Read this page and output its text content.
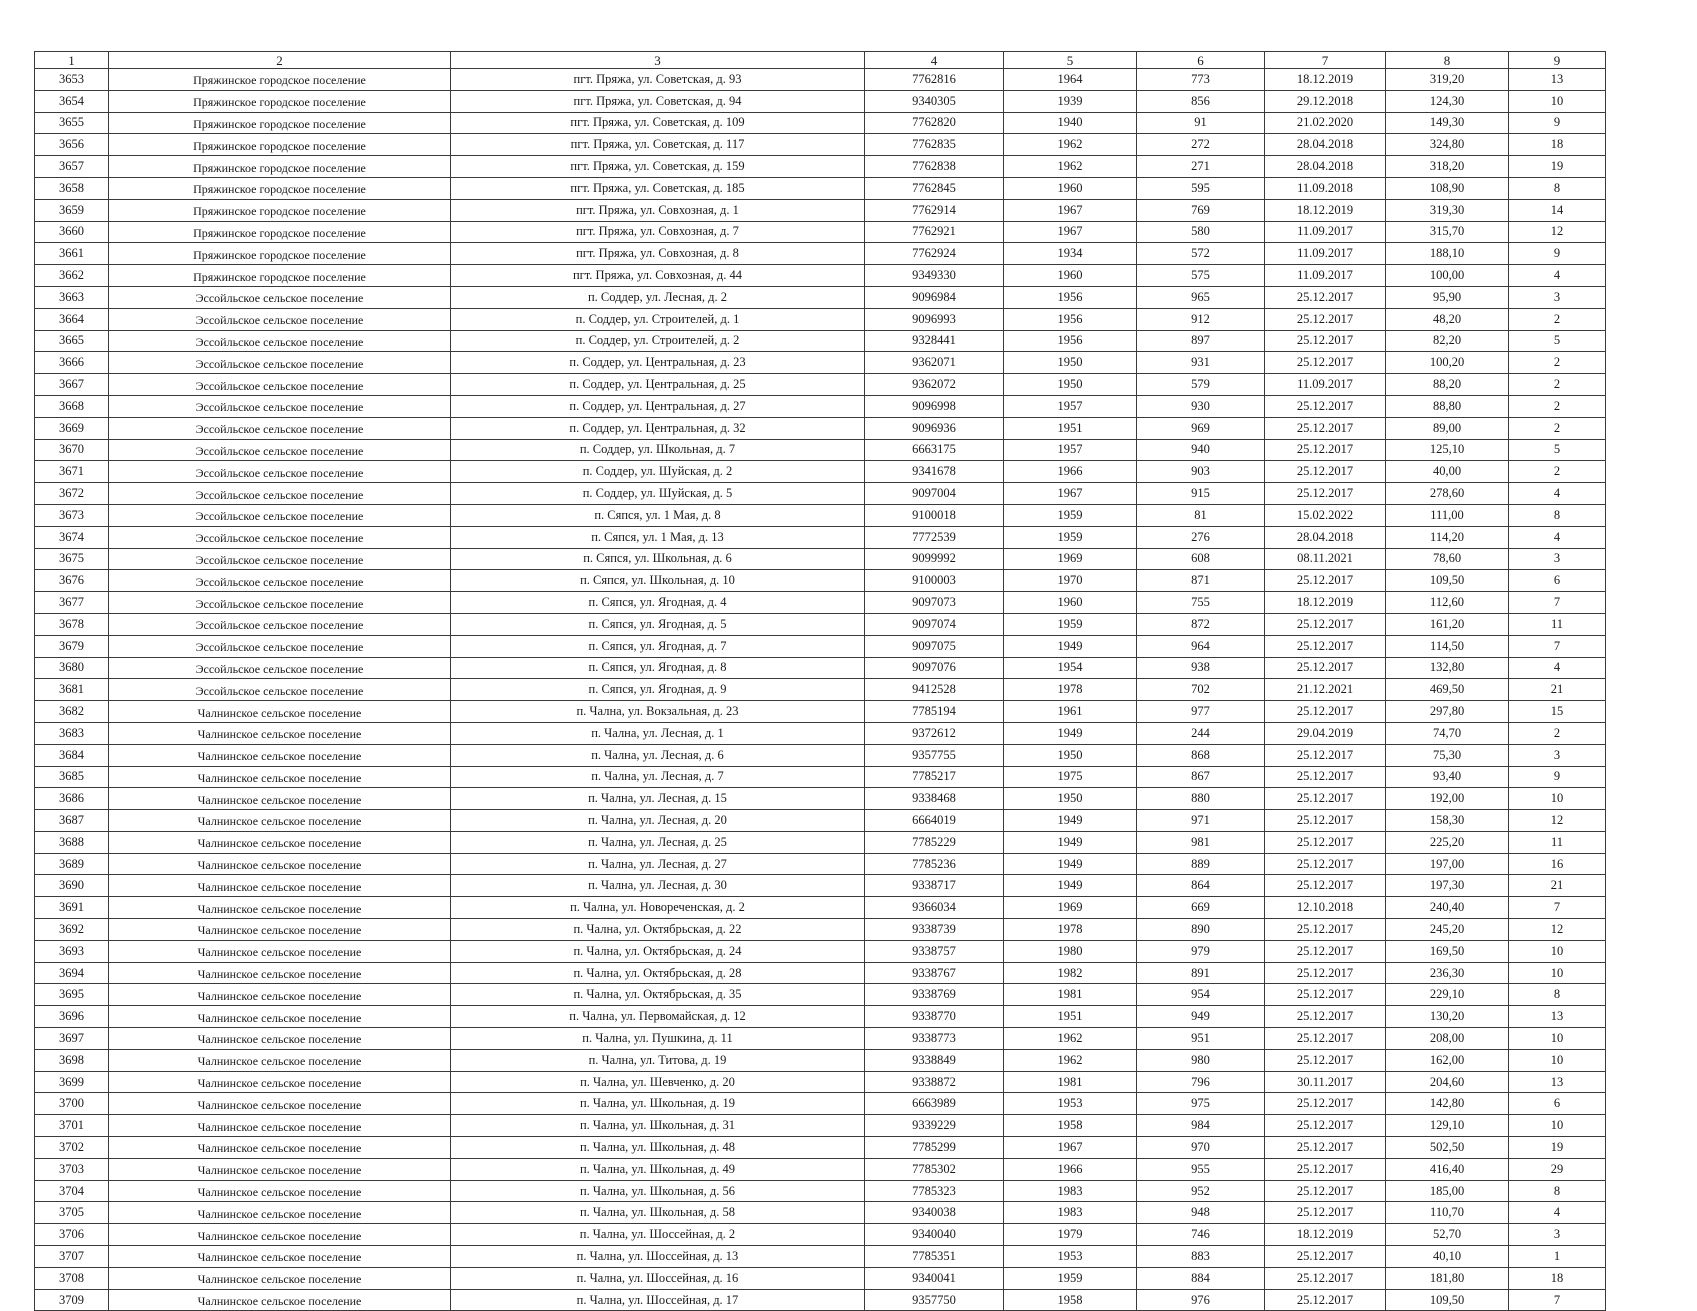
1	2	3	4	5	6	7	8	9
3653	Пряжинское городское поселение	пгт. Пряжа, ул. Советская, д. 93	7762816	1964	773	18.12.2019	319,20	13
3654	Пряжинское городское поселение	пгт. Пряжа, ул. Советская, д. 94	9340305	1939	856	29.12.2018	124,30	10
3655	Пряжинское городское поселение	пгт. Пряжа, ул. Советская, д. 109	7762820	1940	91	21.02.2020	149,30	9
3656	Пряжинское городское поселение	пгт. Пряжа, ул. Советская, д. 117	7762835	1962	272	28.04.2018	324,80	18
3657	Пряжинское городское поселение	пгт. Пряжа, ул. Советская, д. 159	7762838	1962	271	28.04.2018	318,20	19
3658	Пряжинское городское поселение	пгт. Пряжа, ул. Советская, д. 185	7762845	1960	595	11.09.2018	108,90	8
3659	Пряжинское городское поселение	пгт. Пряжа, ул. Совхозная, д. 1	7762914	1967	769	18.12.2019	319,30	14
3660	Пряжинское городское поселение	пгт. Пряжа, ул. Совхозная, д. 7	7762921	1967	580	11.09.2017	315,70	12
3661	Пряжинское городское поселение	пгт. Пряжа, ул. Совхозная, д. 8	7762924	1934	572	11.09.2017	188,10	9
3662	Пряжинское городское поселение	пгт. Пряжа, ул. Совхозная, д. 44	9349330	1960	575	11.09.2017	100,00	4
3663	Эссойльское сельское поселение	п. Соддер, ул. Лесная, д. 2	9096984	1956	965	25.12.2017	95,90	3
3664	Эссойльское сельское поселение	п. Соддер, ул. Строителей, д. 1	9096993	1956	912	25.12.2017	48,20	2
3665	Эссойльское сельское поселение	п. Соддер, ул. Строителей, д. 2	9328441	1956	897	25.12.2017	82,20	5
3666	Эссойльское сельское поселение	п. Соддер, ул. Центральная, д. 23	9362071	1950	931	25.12.2017	100,20	2
3667	Эссойльское сельское поселение	п. Соддер, ул. Центральная, д. 25	9362072	1950	579	11.09.2017	88,20	2
3668	Эссойльское сельское поселение	п. Соддер, ул. Центральная, д. 27	9096998	1957	930	25.12.2017	88,80	2
3669	Эссойльское сельское поселение	п. Соддер, ул. Центральная, д. 32	9096936	1951	969	25.12.2017	89,00	2
3670	Эссойльское сельское поселение	п. Соддер, ул. Школьная, д. 7	6663175	1957	940	25.12.2017	125,10	5
3671	Эссойльское сельское поселение	п. Соддер, ул. Шуйская, д. 2	9341678	1966	903	25.12.2017	40,00	2
3672	Эссойльское сельское поселение	п. Соддер, ул. Шуйская, д. 5	9097004	1967	915	25.12.2017	278,60	4
3673	Эссойльское сельское поселение	п. Сяпся, ул. 1 Мая, д. 8	9100018	1959	81	15.02.2022	111,00	8
3674	Эссойльское сельское поселение	п. Сяпся, ул. 1 Мая, д. 13	7772539	1959	276	28.04.2018	114,20	4
3675	Эссойльское сельское поселение	п. Сяпся, ул. Школьная, д. 6	9099992	1969	608	08.11.2021	78,60	3
3676	Эссойльское сельское поселение	п. Сяпся, ул. Школьная, д. 10	9100003	1970	871	25.12.2017	109,50	6
3677	Эссойльское сельское поселение	п. Сяпся, ул. Ягодная, д. 4	9097073	1960	755	18.12.2019	112,60	7
3678	Эссойльское сельское поселение	п. Сяпся, ул. Ягодная, д. 5	9097074	1959	872	25.12.2017	161,20	11
3679	Эссойльское сельское поселение	п. Сяпся, ул. Ягодная, д. 7	9097075	1949	964	25.12.2017	114,50	7
3680	Эссойльское сельское поселение	п. Сяпся, ул. Ягодная, д. 8	9097076	1954	938	25.12.2017	132,80	4
3681	Эссойльское сельское поселение	п. Сяпся, ул. Ягодная, д. 9	9412528	1978	702	21.12.2021	469,50	21
3682	Чалнинское сельское поселение	п. Чална, ул. Вокзальная, д. 23	7785194	1961	977	25.12.2017	297,80	15
3683	Чалнинское сельское поселение	п. Чална, ул. Лесная, д. 1	9372612	1949	244	29.04.2019	74,70	2
3684	Чалнинское сельское поселение	п. Чална, ул. Лесная, д. 6	9357755	1950	868	25.12.2017	75,30	3
3685	Чалнинское сельское поселение	п. Чална, ул. Лесная, д. 7	7785217	1975	867	25.12.2017	93,40	9
3686	Чалнинское сельское поселение	п. Чална, ул. Лесная, д. 15	9338468	1950	880	25.12.2017	192,00	10
3687	Чалнинское сельское поселение	п. Чална, ул. Лесная, д. 20	6664019	1949	971	25.12.2017	158,30	12
3688	Чалнинское сельское поселение	п. Чална, ул. Лесная, д. 25	7785229	1949	981	25.12.2017	225,20	11
3689	Чалнинское сельское поселение	п. Чална, ул. Лесная, д. 27	7785236	1949	889	25.12.2017	197,00	16
3690	Чалнинское сельское поселение	п. Чална, ул. Лесная, д. 30	9338717	1949	864	25.12.2017	197,30	21
3691	Чалнинское сельское поселение	п. Чална, ул. Новореченская, д. 2	9366034	1969	669	12.10.2018	240,40	7
3692	Чалнинское сельское поселение	п. Чална, ул. Октябрьская, д. 22	9338739	1978	890	25.12.2017	245,20	12
3693	Чалнинское сельское поселение	п. Чална, ул. Октябрьская, д. 24	9338757	1980	979	25.12.2017	169,50	10
3694	Чалнинское сельское поселение	п. Чална, ул. Октябрьская, д. 28	9338767	1982	891	25.12.2017	236,30	10
3695	Чалнинское сельское поселение	п. Чална, ул. Октябрьская, д. 35	9338769	1981	954	25.12.2017	229,10	8
3696	Чалнинское сельское поселение	п. Чална, ул. Первомайская, д. 12	9338770	1951	949	25.12.2017	130,20	13
3697	Чалнинское сельское поселение	п. Чална, ул. Пушкина, д. 11	9338773	1962	951	25.12.2017	208,00	10
3698	Чалнинское сельское поселение	п. Чална, ул. Титова, д. 19	9338849	1962	980	25.12.2017	162,00	10
3699	Чалнинское сельское поселение	п. Чална, ул. Шевченко, д. 20	9338872	1981	796	30.11.2017	204,60	13
3700	Чалнинское сельское поселение	п. Чална, ул. Школьная, д. 19	6663989	1953	975	25.12.2017	142,80	6
3701	Чалнинское сельское поселение	п. Чална, ул. Школьная, д. 31	9339229	1958	984	25.12.2017	129,10	10
3702	Чалнинское сельское поселение	п. Чална, ул. Школьная, д. 48	7785299	1967	970	25.12.2017	502,50	19
3703	Чалнинское сельское поселение	п. Чална, ул. Школьная, д. 49	7785302	1966	955	25.12.2017	416,40	29
3704	Чалнинское сельское поселение	п. Чална, ул. Школьная, д. 56	7785323	1983	952	25.12.2017	185,00	8
3705	Чалнинское сельское поселение	п. Чална, ул. Школьная, д. 58	9340038	1983	948	25.12.2017	110,70	4
3706	Чалнинское сельское поселение	п. Чална, ул. Шоссейная, д. 2	9340040	1979	746	18.12.2019	52,70	3
3707	Чалнинское сельское поселение	п. Чална, ул. Шоссейная, д. 13	7785351	1953	883	25.12.2017	40,10	1
3708	Чалнинское сельское поселение	п. Чална, ул. Шоссейная, д. 16	9340041	1959	884	25.12.2017	181,80	18
3709	Чалнинское сельское поселение	п. Чална, ул. Шоссейная, д. 17	9357750	1958	976	25.12.2017	109,50	7
